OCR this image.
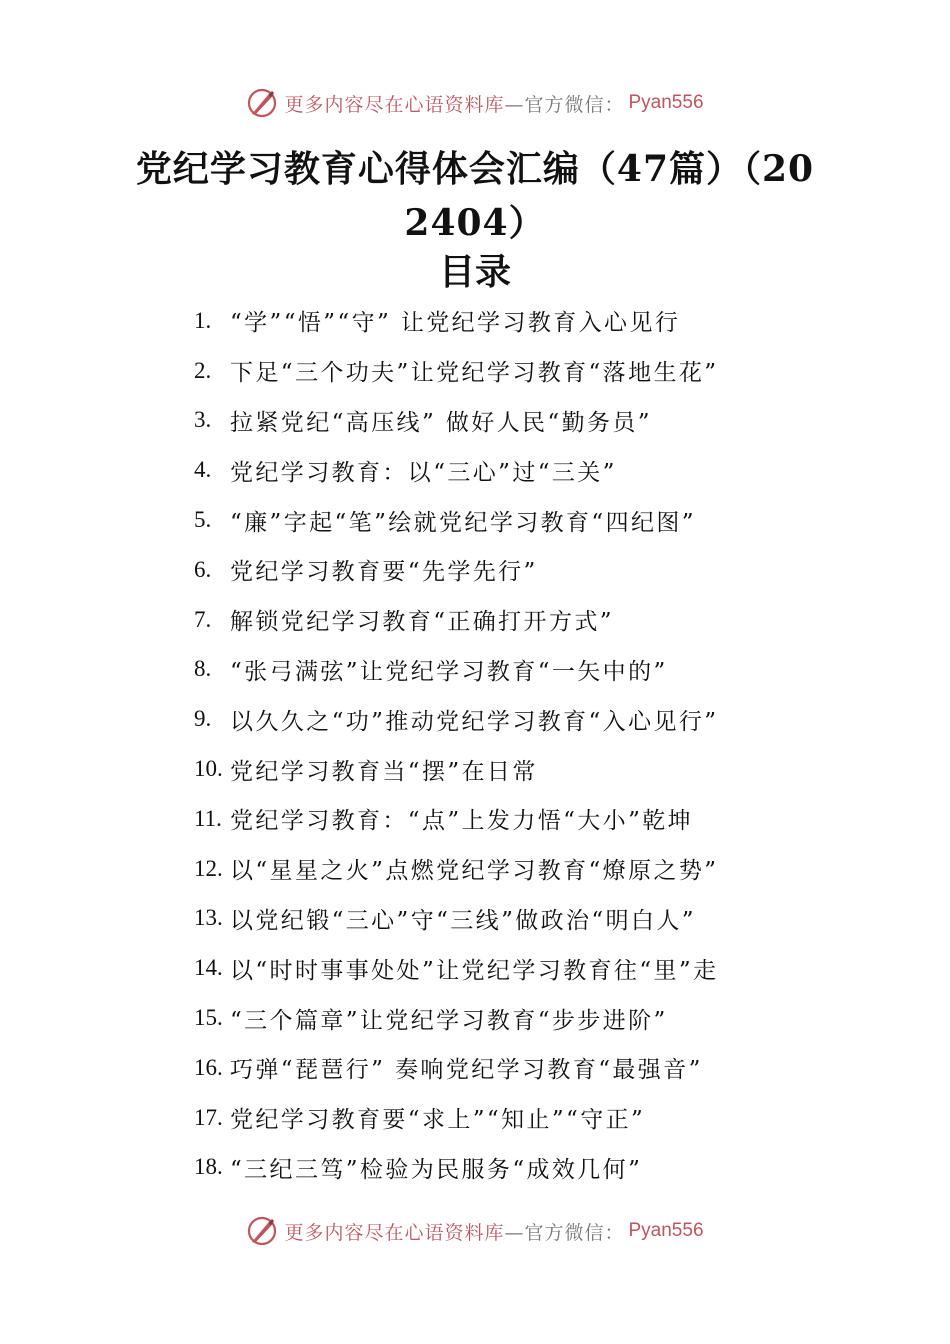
更多内容尽在心语资料库 —官方微信： Pyan556
党纪学习教育心得体会汇编（47篇）（202404）
目录
1. “学”“悟”“守” 让党纪学习教育入心见行
2. 下足“三个功夫”让党纪学习教育“落地生花”
3. 拉紧党纪“高压线” 做好人民“勤务员”
4. 党纪学习教育：以“三心”过“三关”
5. “廉”字起“笔”绘就党纪学习教育“四纪图”
6. 党纪学习教育要“先学先行”
7. 解锁党纪学习教育“正确打开方式”
8. “张弓满弦”让党纪学习教育“一矢中的”
9. 以久久之“功”推动党纪学习教育“入心见行”
10. 党纪学习教育当“摆”在日常
11. 党纪学习教育：“点”上发力悟“大小”乾坤
12. 以“星星之火”点燃党纪学习教育“燎原之势”
13. 以党纪锻“三心”守“三线”做政治“明白人”
14. 以“时时事事处处”让党纪学习教育往“里”走
15. “三个篇章”让党纪学习教育“步步进阶”
16. 巧弹“琵琶行” 奏响党纪学习教育“最强音”
17. 党纪学习教育要“求上”“知止”“守正”
18. “三纪三笃”检验为民服务“成效几何”
更多内容尽在心语资料库 —官方微信： Pyan556
